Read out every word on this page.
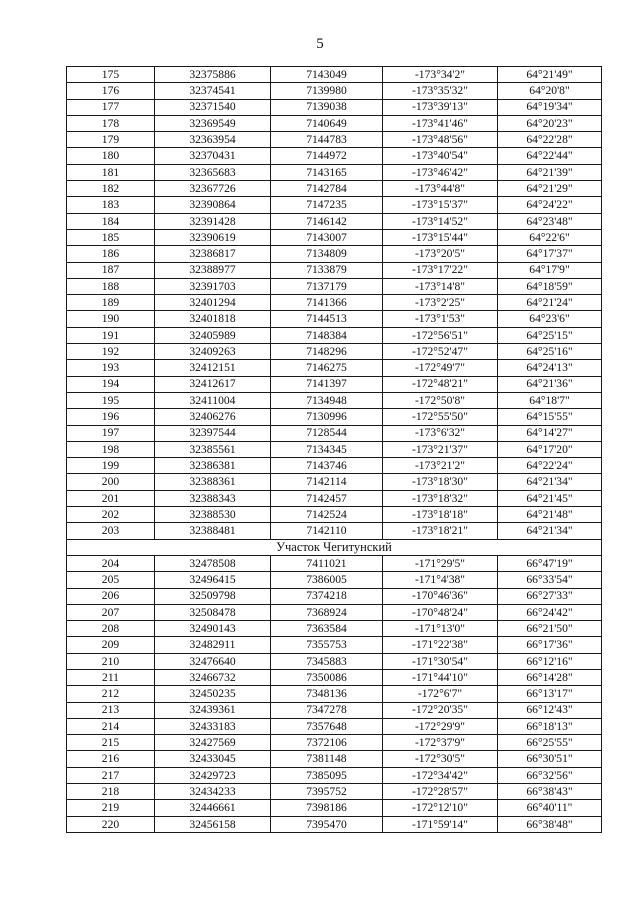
5
175	32375886	7143049	-173°34'2"	64°21'49"
176	32374541	7139980	-173°35'32"	64°20'8"
177	32371540	7139038	-173°39'13"	64°19'34"
178	32369549	7140649	-173°41'46"	64°20'23"
179	32363954	7144783	-173°48'56"	64°22'28"
180	32370431	7144972	-173°40'54"	64°22'44"
181	32365683	7143165	-173°46'42"	64°21'39"
182	32367726	7142784	-173°44'8"	64°21'29"
183	32390864	7147235	-173°15'37"	64°24'22"
184	32391428	7146142	-173°14'52"	64°23'48"
185	32390619	7143007	-173°15'44"	64°22'6"
186	32386817	7134809	-173°20'5"	64°17'37"
187	32388977	7133879	-173°17'22"	64°17'9"
188	32391703	7137179	-173°14'8"	64°18'59"
189	32401294	7141366	-173°2'25"	64°21'24"
190	32401818	7144513	-173°1'53"	64°23'6"
191	32405989	7148384	-172°56'51"	64°25'15"
192	32409263	7148296	-172°52'47"	64°25'16"
193	32412151	7146275	-172°49'7"	64°24'13"
194	32412617	7141397	-172°48'21"	64°21'36"
195	32411004	7134948	-172°50'8"	64°18'7"
196	32406276	7130996	-172°55'50"	64°15'55"
197	32397544	7128544	-173°6'32"	64°14'27"
198	32385561	7134345	-173°21'37"	64°17'20"
199	32386381	7143746	-173°21'2"	64°22'24"
200	32388361	7142114	-173°18'30"	64°21'34"
201	32388343	7142457	-173°18'32"	64°21'45"
202	32388530	7142524	-173°18'18"	64°21'48"
203	32388481	7142110	-173°18'21"	64°21'34"
Участок Чегитунский				
204	32478508	7411021	-171°29'5"	66°47'19"
205	32496415	7386005	-171°4'38"	66°33'54"
206	32509798	7374218	-170°46'36"	66°27'33"
207	32508478	7368924	-170°48'24"	66°24'42"
208	32490143	7363584	-171°13'0"	66°21'50"
209	32482911	7355753	-171°22'38"	66°17'36"
210	32476640	7345883	-171°30'54"	66°12'16"
211	32466732	7350086	-171°44'10"	66°14'28"
212	32450235	7348136	-172°6'7"	66°13'17"
213	32439361	7347278	-172°20'35"	66°12'43"
214	32433183	7357648	-172°29'9"	66°18'13"
215	32427569	7372106	-172°37'9"	66°25'55"
216	32433045	7381148	-172°30'5"	66°30'51"
217	32429723	7385095	-172°34'42"	66°32'56"
218	32434233	7395752	-172°28'57"	66°38'43"
219	32446661	7398186	-172°12'10"	66°40'11"
220	32456158	7395470	-171°59'14"	66°38'48"
